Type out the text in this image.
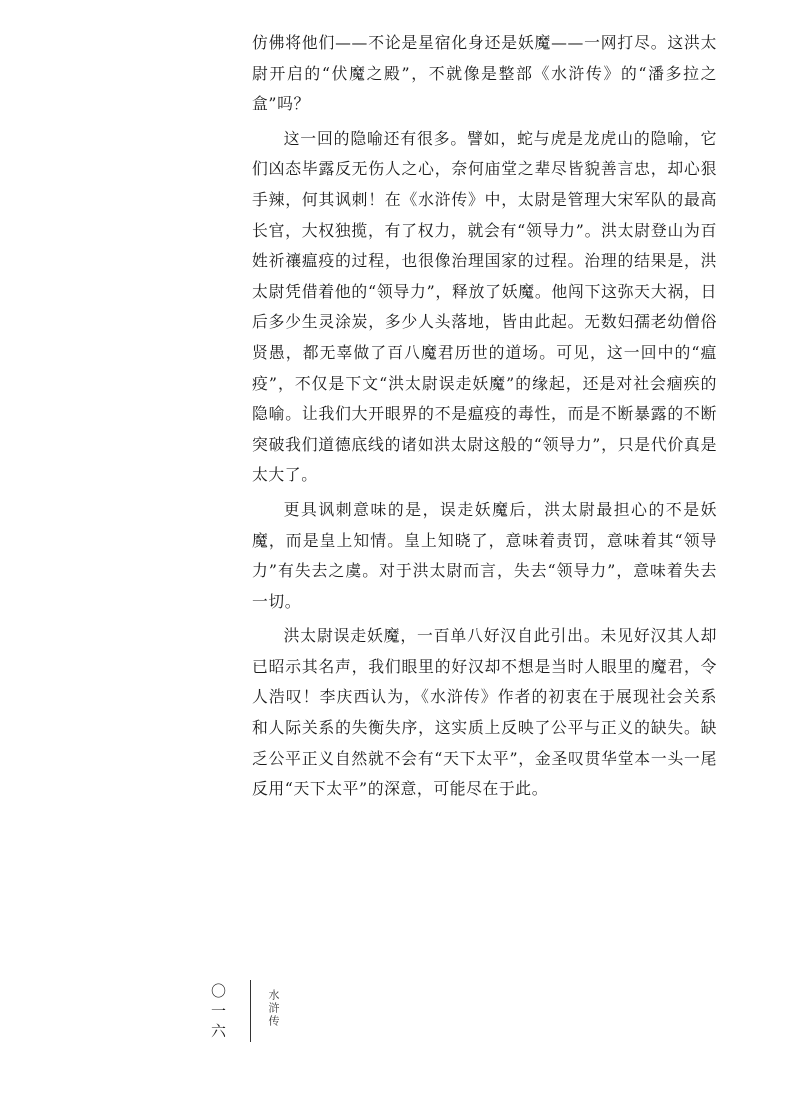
仿佛将他们——不论是星宿化身还是妖魔——一网打尽。这洪太尉开启的“伏魔之殿”，不就像是整部《水浒传》的“潘多拉之盒”吗？

这一回的隐喻还有很多。譬如，蛇与虎是龙虎山的隐喻，它们凶态毕露反无伤人之心，奈何庙堂之辈尽皆貌善言忠，却心狠手辣，何其讽刺！在《水浒传》中，太尉是管理大宋军队的最高长官，大权独揽，有了权力，就会有“领导力”。洪太尉登山为百姓祈禳瘟疫的过程，也很像治理国家的过程。治理的结果是，洪太尉凭借着他的“领导力”，释放了妖魔。他闯下这弥天大祸，日后多少生灵涂炭，多少人头落地，皆由此起。无数妇孺老幼僧俗贤愚，都无辜做了百八魔君历世的道场。可见，这一回中的“瘟疫”，不仅是下文“洪太尉误走妖魔”的缘起，还是对社会痼疾的隐喻。让我们大开眼界的不是瘟疫的毒性，而是不断暴露的不断突破我们道德底线的诸如洪太尉这般的“领导力”，只是代价真是太大了。

更具讽刺意味的是，误走妖魔后，洪太尉最担心的不是妖魔，而是皇上知情。皇上知晓了，意味着责罚，意味着其“领导力”有失去之虞。对于洪太尉而言，失去“领导力”，意味着失去一切。

洪太尉误走妖魔，一百单八好汉自此引出。未见好汉其人却已昭示其名声，我们眼里的好汉却不想是当时人眼里的魔君，令人浩叹！李庆西认为，《水浒传》作者的初衷在于展现社会关系和人际关系的失衡失序，这实质上反映了公平与正义的缺失。缺乏公平正义自然就不会有“天下太平”，金圣叹贯华堂本一头一尾反用“天下太平”的深意，可能尽在于此。

〇一六	水浒传
